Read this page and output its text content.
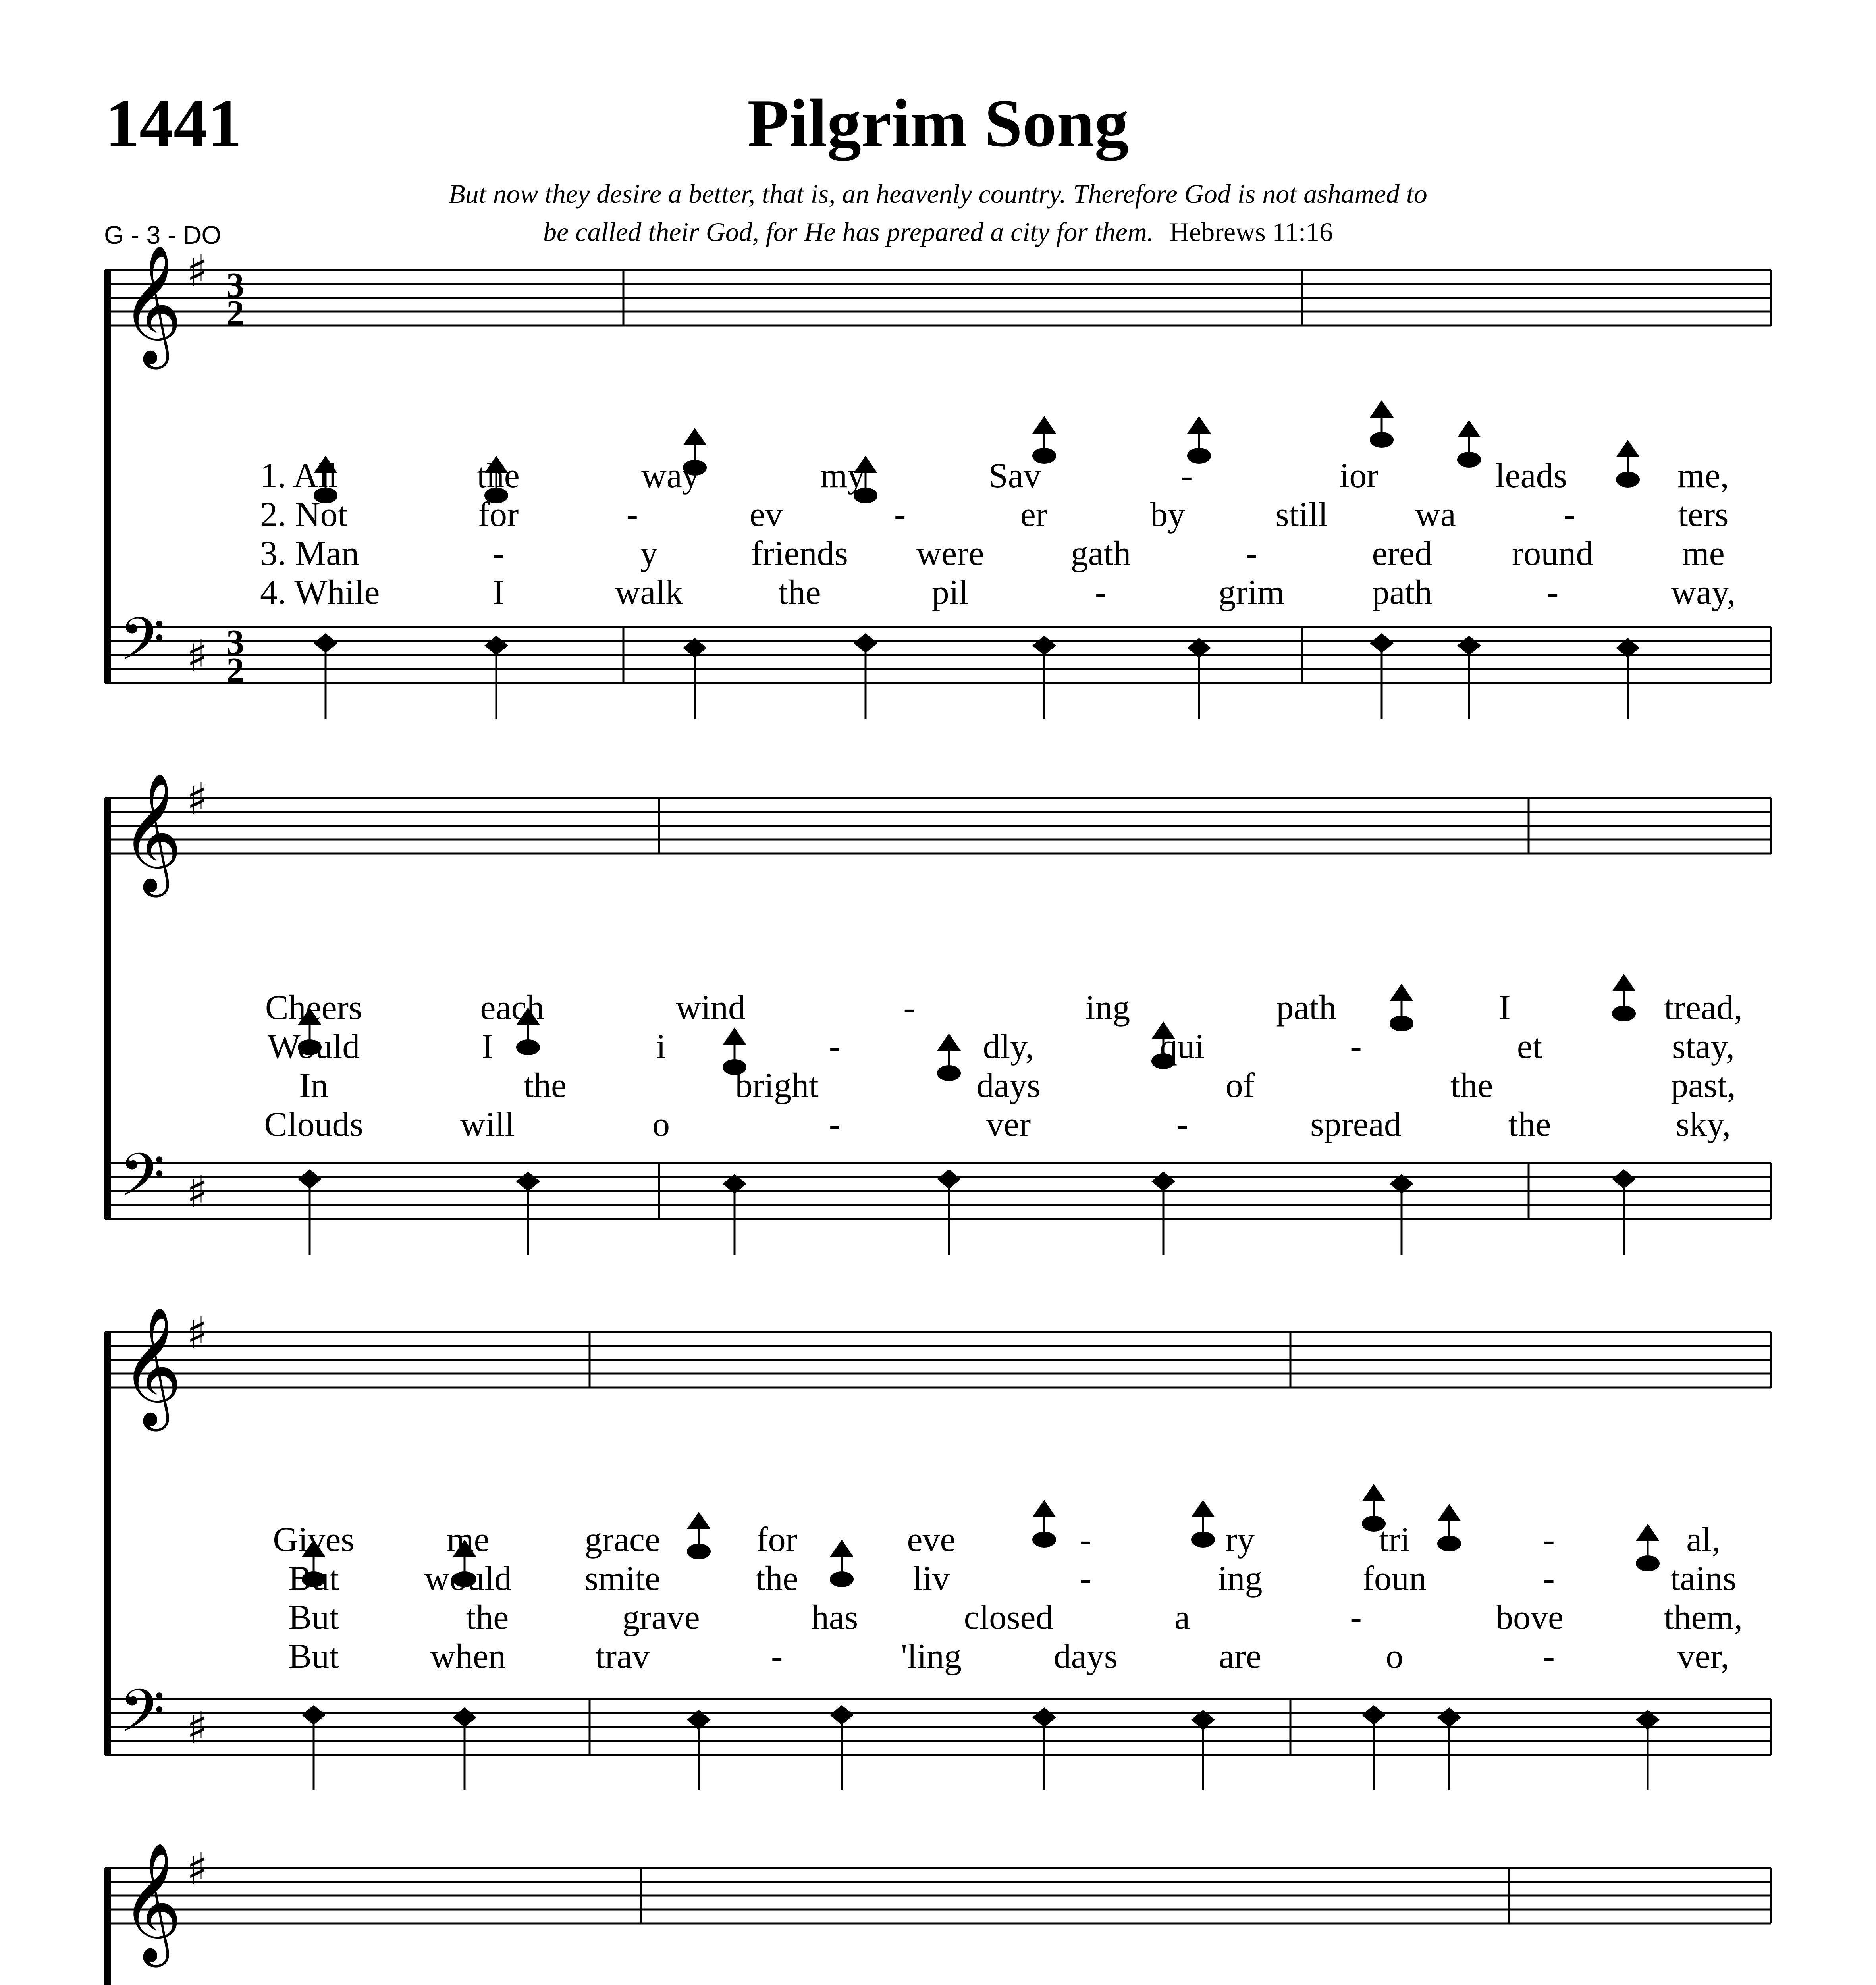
1441	Pilgrim Song
But now they desire a better, that is, an heavenly country. Therefore God is not ashamed to
be called their God, for He has prepared a city for them. Hebrews 11:16
G - 3 - DO
𝄞
𝄢
♯
♯
3
2
3
2
𝄞
𝄢
♯
♯
𝄞
𝄢
♯
♯
𝄞 ♯
1. All	the	way	my	Sav	-	ior	leads	me,
2. Not	for	-	ev	-	er	by	still wa	-	ters
3. Man	-	y	friends were gath	-	ered round	me
4. While	I	walk	the	pil	-	grim	path	-	way,
Cheers	each	wind	-	ing	path	I	tread,
Would	I	i	-	dly,	qui	-	et	stay,
In	the	bright	days	of	the	past,
Clouds	will	o	-	ver	-	spread	the	sky,
Gives	me	grace	for	eve	-	ry	tri	-	al,
But would smite	the	liv	-	ing	foun	-	tains
But	the	grave	has	closed	a	-	bove	them,
But	when	trav	-	'ling	days	are	o	-	ver,
